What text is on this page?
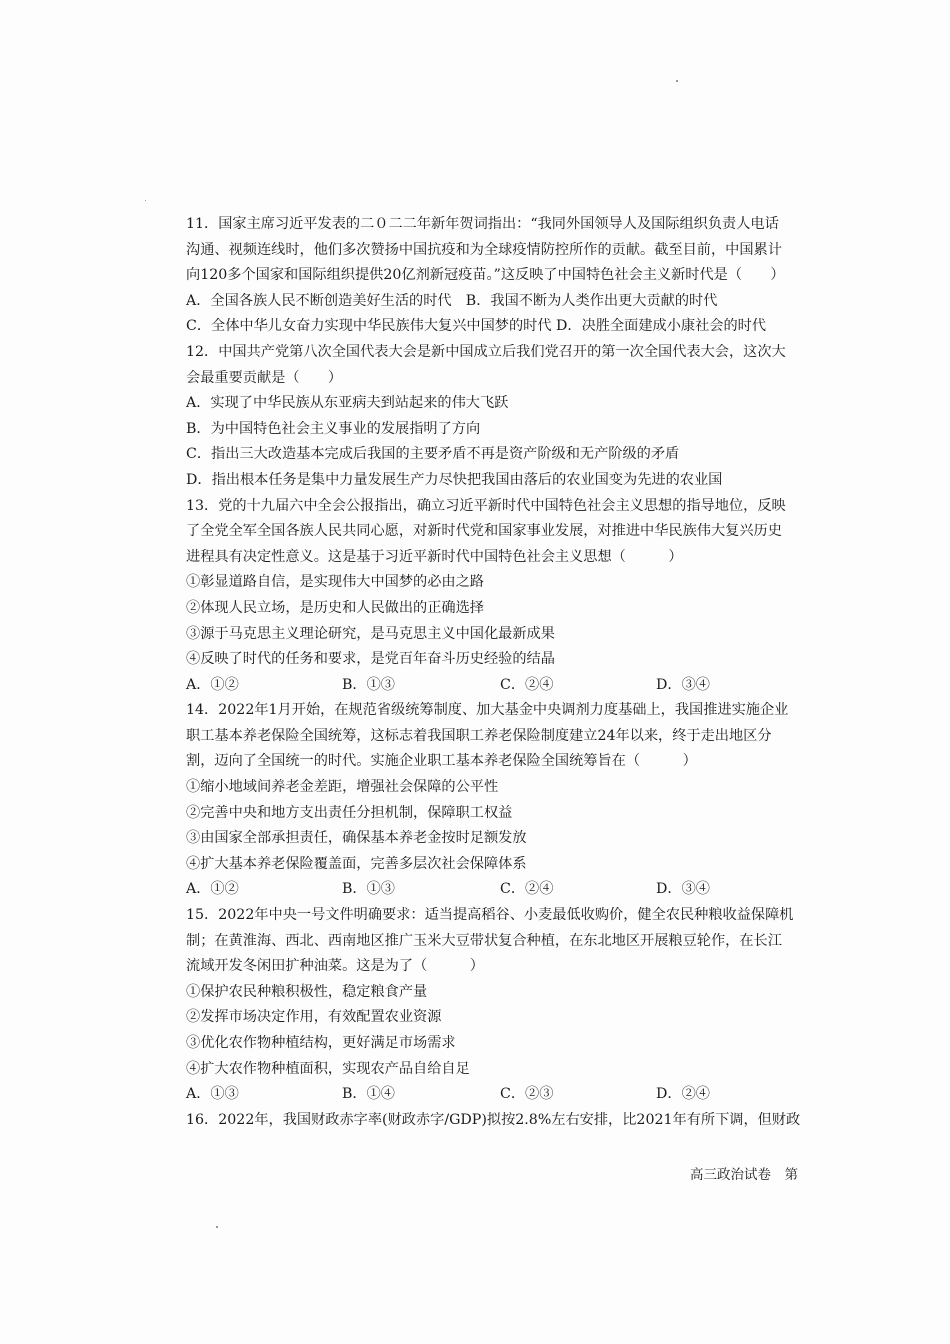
11．国家主席习近平发表的二０二二年新年贺词指出：“我同外国领导人及国际组织负责人电话
沟通、视频连线时，他们多次赞扬中国抗疫和为全球疫情防控所作的贡献。截至目前，中国累计
向120多个国家和国际组织提供20亿剂新冠疫苗。”这反映了中国特色社会主义新时代是（　　）
A．全国各族人民不断创造美好生活的时代　B．我国不断为人类作出更大贡献的时代
C．全体中华儿女奋力实现中华民族伟大复兴中国梦的时代 D．决胜全面建成小康社会的时代
12．中国共产党第八次全国代表大会是新中国成立后我们党召开的第一次全国代表大会，这次大
会最重要贡献是（　　）
A．实现了中华民族从东亚病夫到站起来的伟大飞跃
B．为中国特色社会主义事业的发展指明了方向
C．指出三大改造基本完成后我国的主要矛盾不再是资产阶级和无产阶级的矛盾
D．指出根本任务是集中力量发展生产力尽快把我国由落后的农业国变为先进的农业国
13．党的十九届六中全会公报指出，确立习近平新时代中国特色社会主义思想的指导地位，反映
了全党全军全国各族人民共同心愿，对新时代党和国家事业发展，对推进中华民族伟大复兴历史
进程具有决定性意义。这是基于习近平新时代中国特色社会主义思想（　　　）
①彰显道路自信，是实现伟大中国梦的必由之路
②体现人民立场，是历史和人民做出的正确选择
③源于马克思主义理论研究，是马克思主义中国化最新成果
④反映了时代的任务和要求，是党百年奋斗历史经验的结晶
A．①②	B．①③	C．②④	D．③④
14．2022年1月开始，在规范省级统筹制度、加大基金中央调剂力度基础上，我国推进实施企业
职工基本养老保险全国统筹，这标志着我国职工养老保险制度建立24年以来，终于走出地区分
割，迈向了全国统一的时代。实施企业职工基本养老保险全国统筹旨在（　　　）
①缩小地域间养老金差距，增强社会保障的公平性
②完善中央和地方支出责任分担机制，保障职工权益
③由国家全部承担责任，确保基本养老金按时足额发放
④扩大基本养老保险覆盖面，完善多层次社会保障体系
A．①②	B．①③	C．②④	D．③④
15．2022年中央一号文件明确要求：适当提高稻谷、小麦最低收购价，健全农民种粮收益保障机
制；在黄淮海、西北、西南地区推广玉米大豆带状复合种植，在东北地区开展粮豆轮作，在长江
流域开发冬闲田扩种油菜。这是为了（　　　）
①保护农民种粮积极性，稳定粮食产量
②发挥市场决定作用，有效配置农业资源
③优化农作物种植结构，更好满足市场需求
④扩大农作物种植面积，实现农产品自给自足
A．①③	B．①④	C．②③	D．②④
16．2022年，我国财政赤字率(财政赤字/GDP)拟按2.8%左右安排，比2021年有所下调，但财政
高三政治试卷　第
